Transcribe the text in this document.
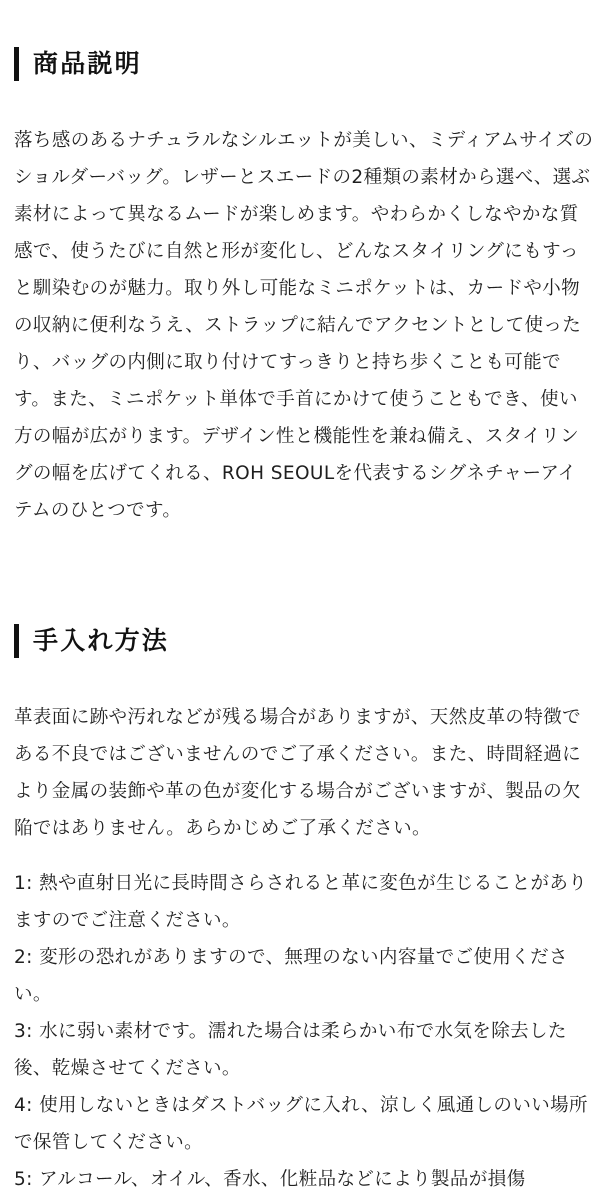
商品説明

落ち感のあるナチュラルなシルエットが美しい、ミディアムサイズのショルダーバッグ。レザーとスエードの2種類の素材から選べ、選ぶ素材によって異なるムードが楽しめます。やわらかくしなやかな質感で、使うたびに自然と形が変化し、どんなスタイリングにもすっと馴染むのが魅力。取り外し可能なミニポケットは、カードや小物の収納に便利なうえ、ストラップに結んでアクセントとして使ったり、バッグの内側に取り付けてすっきりと持ち歩くことも可能です。また、ミニポケット単体で手首にかけて使うこともでき、使い方の幅が広がります。デザイン性と機能性を兼ね備え、スタイリングの幅を広げてくれる、ROH SEOULを代表するシグネチャーアイテムのひとつです。

手入れ方法

革表面に跡や汚れなどが残る場合がありますが、天然皮革の特徴である不良ではございませんのでご了承ください。また、時間経過により金属の装飾や革の色が変化する場合がございますが、製品の欠陥ではありません。あらかじめご了承ください。

1: 熱や直射日光に長時間さらされると革に変色が生じることがありますのでご注意ください。
2: 変形の恐れがありますので、無理のない内容量でご使用ください。
3: 水に弱い素材です。濡れた場合は柔らかい布で水気を除去した後、乾燥させてください。
4: 使用しないときはダストバッグに入れ、涼しく風通しのいい場所で保管してください。
5: アルコール、オイル、香水、化粧品などにより製品が損傷
